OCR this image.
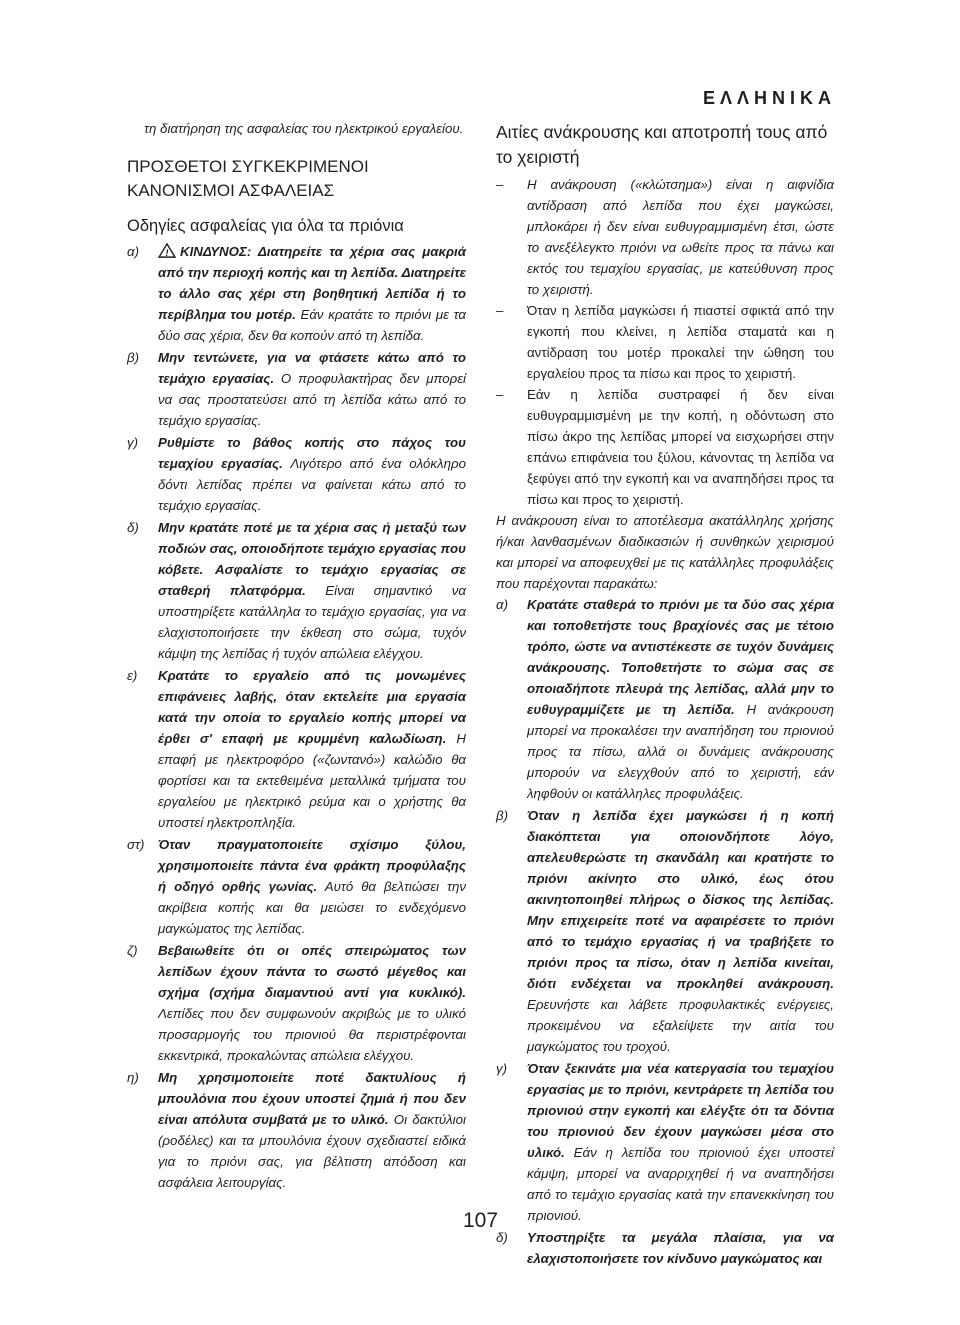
ΕΛΛΗΝΙΚΑ

τη διατήρηση της ασφαλείας του ηλεκτρικού εργαλείου.

ΠΡΟΣΘΕΤΟΙ ΣΥΓΚΕΚΡΙΜΕΝΟΙ ΚΑΝΟΝΙΣΜΟΙ ΑΣΦΑΛΕΙΑΣ
Οδηγίες ασφαλείας για όλα τα πριόνια
α)	! ΚΙΝΔΥΝΟΣ: Διατηρείτε τα χέρια σας μακριά από την περιοχή κοπής και τη λεπίδα. Διατηρείτε το άλλο σας χέρι στη βοηθητική λεπίδα ή το περίβλημα του μοτέρ. Εάν κρατάτε το πριόνι με τα δύο σας χέρια, δεν θα κοπούν από τη λεπίδα.

β)	Μην τεντώνετε, για να φτάσετε κάτω από το τεμάχιο εργασίας. Ο προφυλακτήρας δεν μπορεί να σας προστατεύσει από τη λεπίδα κάτω από το τεμάχιο εργασίας.

γ)	Ρυθμίστε το βάθος κοπής στο πάχος του τεμαχίου εργασίας. Λιγότερο από ένα ολόκληρο δόντι λεπίδας πρέπει να φαίνεται κάτω από το τεμάχιο εργασίας.

δ)	Μην κρατάτε ποτέ με τα χέρια σας ή μεταξύ των ποδιών σας, οποιοδήποτε τεμάχιο εργασίας που κόβετε. Ασφαλίστε το τεμάχιο εργασίας σε σταθερή πλατφόρμα. Είναι σημαντικό να υποστηρίξετε κατάλληλα το τεμάχιο εργασίας, για να ελαχιστοποιήσετε την έκθεση στο σώμα, τυχόν κάμψη της λεπίδας ή τυχόν απώλεια ελέγχου.

ε)	Κρατάτε το εργαλείο από τις μονωμένες επιφάνειες λαβής, όταν εκτελείτε μια εργασία κατά την οποία το εργαλείο κοπής μπορεί να έρθει σ' επαφή με κρυμμένη καλωδίωση. Η επαφή με ηλεκτροφόρο («ζωντανό») καλώδιο θα φορτίσει και τα εκτεθειμένα μεταλλικά τμήματα του εργαλείου με ηλεκτρικό ρεύμα και ο χρήστης θα υποστεί ηλεκτροπληξία.

στ)	Όταν πραγματοποιείτε σχίσιμο ξύλου, χρησιμοποιείτε πάντα ένα φράκτη προφύλαξης ή οδηγό ορθής γωνίας. Αυτό θα βελτιώσει την ακρίβεια κοπής και θα μειώσει το ενδεχόμενο μαγκώματος της λεπίδας.

ζ)	Βεβαιωθείτε ότι οι οπές σπειρώματος των λεπίδων έχουν πάντα το σωστό μέγεθος και σχήμα (σχήμα διαμαντιού αντί για κυκλικό). Λεπίδες που δεν συμφωνούν ακριβώς με το υλικό προσαρμογής του πριονιού θα περιστρέφονται εκκεντρικά, προκαλώντας απώλεια ελέγχου.

η)	Μη χρησιμοποιείτε ποτέ δακτυλίους ή μπουλόνια που έχουν υποστεί ζημιά ή που δεν είναι απόλυτα συμβατά με το υλικό. Οι δακτύλιοι (ροδέλες) και τα μπουλόνια έχουν σχεδιαστεί ειδικά για το πριόνι σας, για βέλτιστη απόδοση και ασφάλεια λειτουργίας.

Αιτίες ανάκρουσης και αποτροπή τους από το χειριστή
–	Η ανάκρουση («κλώτσημα») είναι η αιφνίδια αντίδραση από λεπίδα που έχει μαγκώσει, μπλοκάρει ή δεν είναι ευθυγραμμισμένη έτσι, ώστε το ανεξέλεγκτο πριόνι να ωθείτε προς τα πάνω και εκτός του τεμαχίου εργασίας, με κατεύθυνση προς το χειριστή.

–	Όταν η λεπίδα μαγκώσει ή πιαστεί σφικτά από την εγκοπή που κλείνει, η λεπίδα σταματά και η αντίδραση του μοτέρ προκαλεί την ώθηση του εργαλείου προς τα πίσω και προς το χειριστή.

–	Εάν η λεπίδα συστραφεί ή δεν είναι ευθυγραμμισμένη με την κοπή, η οδόντωση στο πίσω άκρο της λεπίδας μπορεί να εισχωρήσει στην επάνω επιφάνεια του ξύλου, κάνοντας τη λεπίδα να ξεφύγει από την εγκοπή και να αναπηδήσει προς τα πίσω και προς το χειριστή.

Η ανάκρουση είναι το αποτέλεσμα ακατάλληλης χρήσης ή/και λανθασμένων διαδικασιών ή συνθηκών χειρισμού και μπορεί να αποφευχθεί με τις κατάλληλες προφυλάξεις που παρέχονται παρακάτω:

α)	Κρατάτε σταθερά το πριόνι με τα δύο σας χέρια και τοποθετήστε τους βραχίονές σας με τέτοιο τρόπο, ώστε να αντιστέκεστε σε τυχόν δυνάμεις ανάκρουσης. Τοποθετήστε το σώμα σας σε οποιαδήποτε πλευρά της λεπίδας, αλλά μην το ευθυγραμμίζετε με τη λεπίδα. Η ανάκρουση μπορεί να προκαλέσει την αναπήδηση του πριονιού προς τα πίσω, αλλά οι δυνάμεις ανάκρουσης μπορούν να ελεγχθούν από το χειριστή, εάν ληφθούν οι κατάλληλες προφυλάξεις.

β)	Όταν η λεπίδα έχει μαγκώσει ή η κοπή διακόπτεται για οποιονδήποτε λόγο, απελευθερώστε τη σκανδάλη και κρατήστε το πριόνι ακίνητο στο υλικό, έως ότου ακινητοποιηθεί πλήρως ο δίσκος της λεπίδας. Μην επιχειρείτε ποτέ να αφαιρέσετε το πριόνι από το τεμάχιο εργασίας ή να τραβήξετε το πριόνι προς τα πίσω, όταν η λεπίδα κινείται, διότι ενδέχεται να προκληθεί ανάκρουση. Ερευνήστε και λάβετε προφυλακτικές ενέργειες, προκειμένου να εξαλείψετε την αιτία του μαγκώματος του τροχού.

γ)	Όταν ξεκινάτε μια νέα κατεργασία του τεμαχίου εργασίας με το πριόνι, κεντράρετε τη λεπίδα του πριονιού στην εγκοπή και ελέγξτε ότι τα δόντια του πριονιού δεν έχουν μαγκώσει μέσα στο υλικό. Εάν η λεπίδα του πριονιού έχει υποστεί κάμψη, μπορεί να αναρριχηθεί ή να αναπηδήσει από το τεμάχιο εργασίας κατά την επανεκκίνηση του πριονιού.

δ)	Υποστηρίξτε τα μεγάλα πλαίσια, για να ελαχιστοποιήσετε τον κίνδυνο μαγκώματος και

107
